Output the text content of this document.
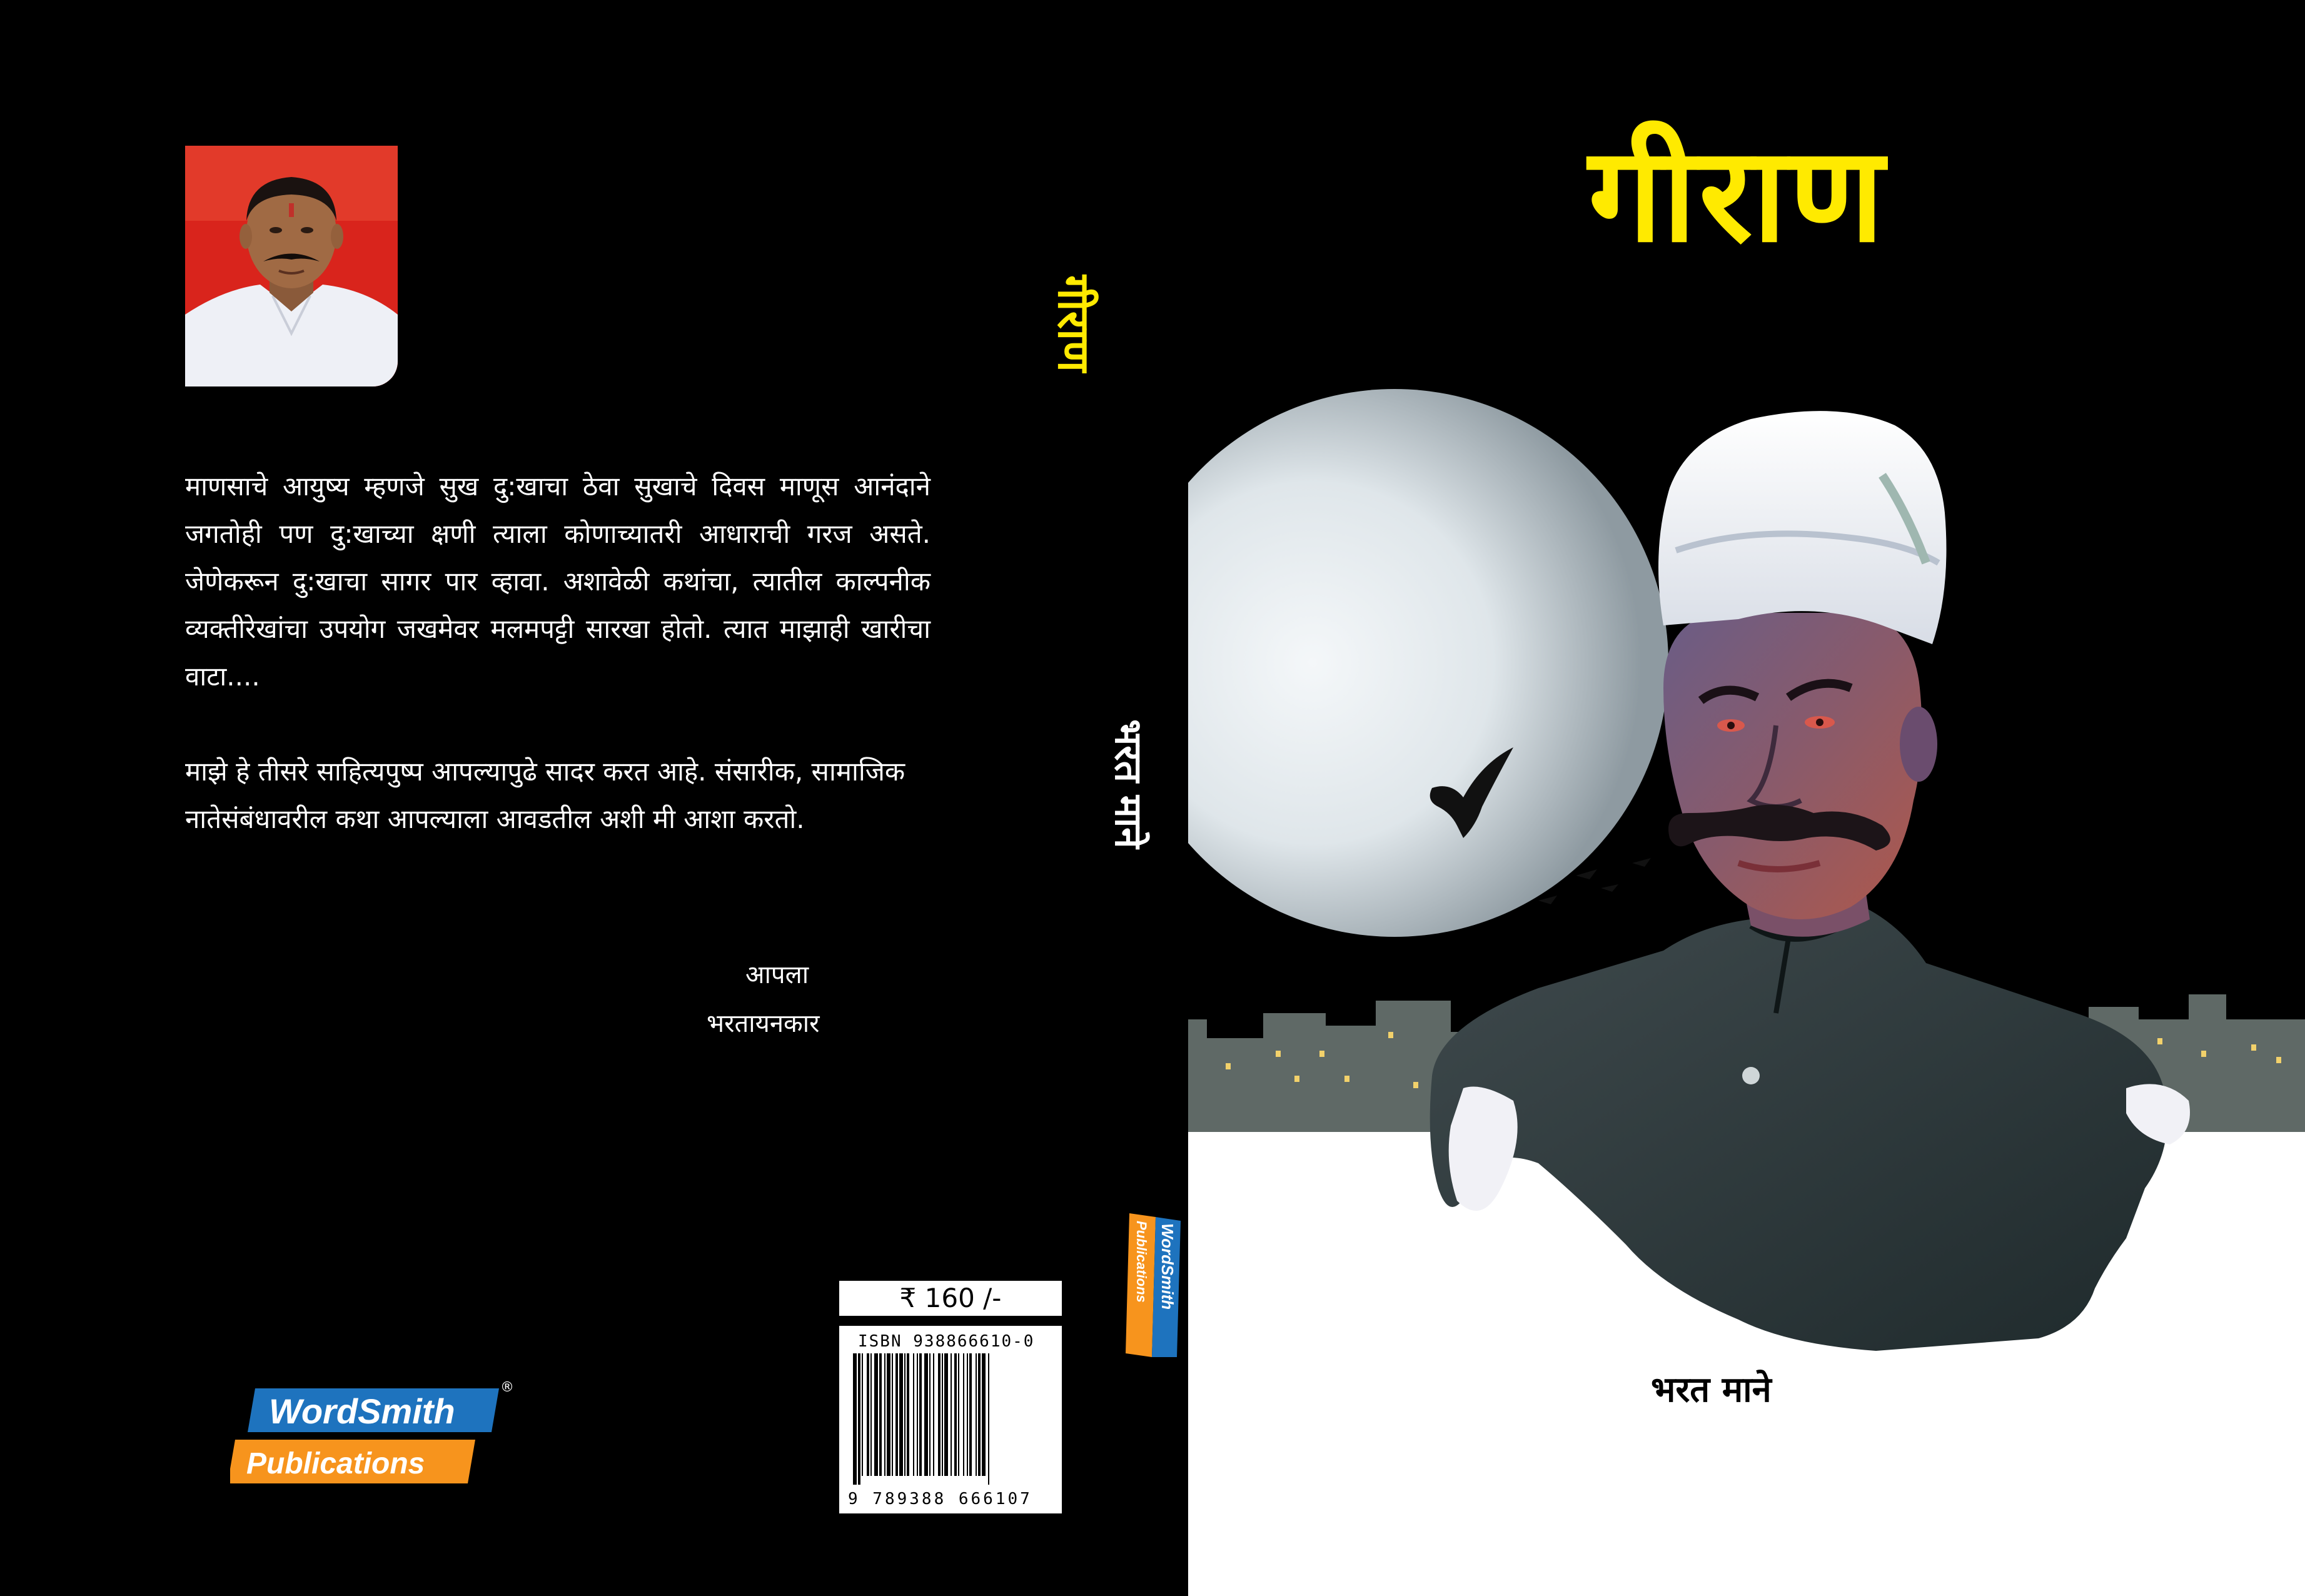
माणसाचे आयुष्य म्हणजे सुख दु:खाचा ठेवा सुखाचे दिवस माणूस आनंदाने जगतोही पण दु:खाच्या क्षणी त्याला कोणाच्यातरी आधाराची गरज असते. जेणेकरून दु:खाचा सागर पार व्हावा. अशावेळी कथांचा, त्यातील काल्पनीक व्यक्तीरेखांचा उपयोग जखमेवर मलमपट्टी सारखा होतो. त्यात माझाही खारीचा वाटा....

माझे हे तीसरे साहित्यपुष्प आपल्यापुढे सादर करत आहे. संसारीक, सामाजिक नातेसंबंधावरील कथा आपल्याला आवडतील अशी मी आशा करतो.

आपला
भरतायनकार
WordSmith
Publications
®
₹ 160 /-
ISBN 938866610-0
9 789388 666107
गीराण
भरत माने
WordSmith
Publications
गीराण
भरत माने
